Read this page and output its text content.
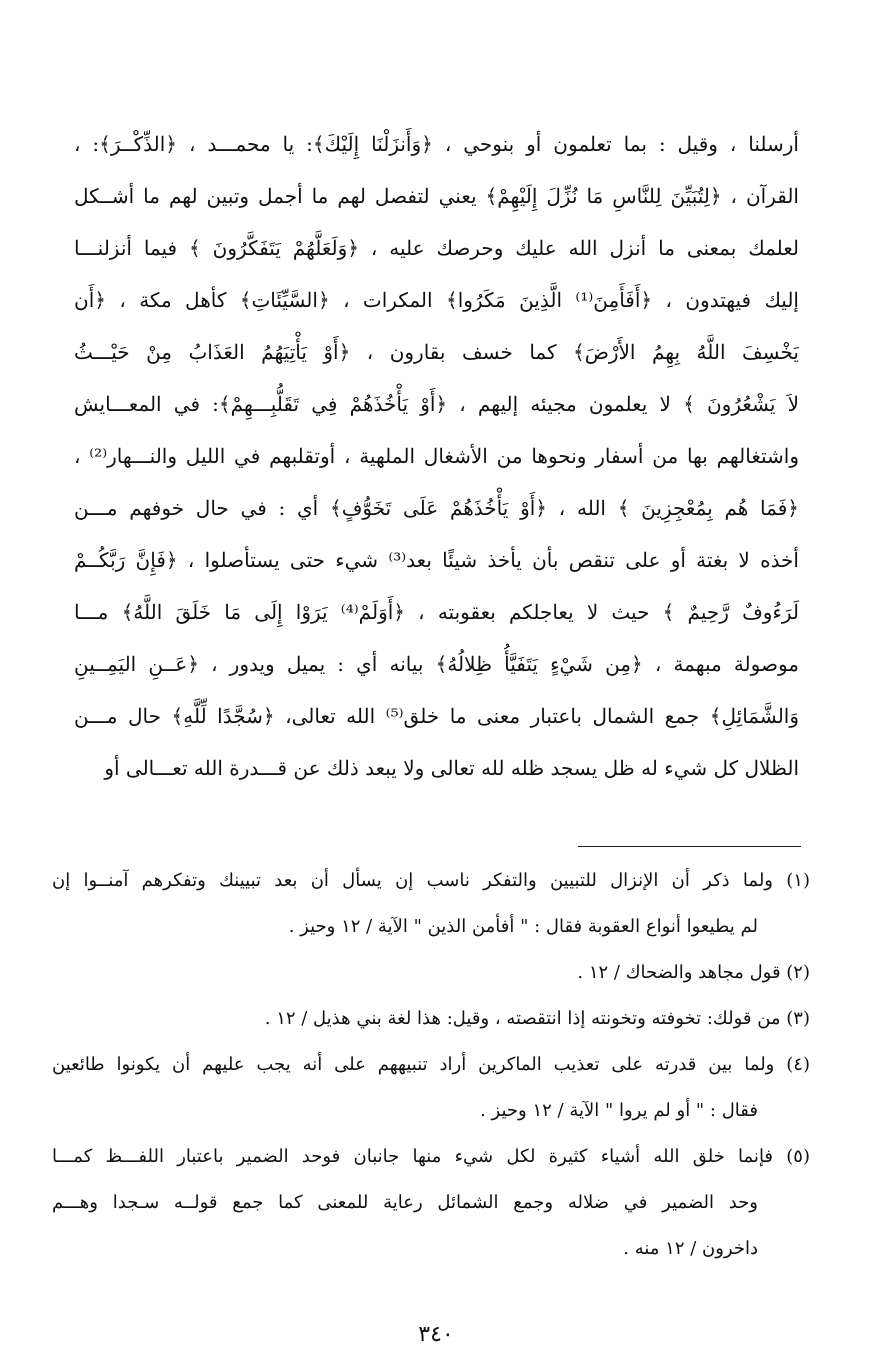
أرسلنا ، وقيل : بما تعلمون أو بنوحي ، ﴿وَأَنزَلْنَا إِلَيْكَ﴾: يا محمـــد ، ﴿الذِّكْــرَ﴾: ،
القرآن ، ﴿لِتُبَيِّنَ لِلنَّاسِ مَا نُزِّلَ إِلَيْهِمْ﴾ يعني لتفصل لهم ما أجمل وتبين لهم ما أشــكل
لعلمك بمعنى ما أنزل الله عليك وحرصك عليه ، ﴿وَلَعَلَّهُمْ يَتَفَكَّرُونَ ﴾ فيما أنزلنـــا
إليك فيهتدون ، ﴿أَفَأَمِنَ⁽¹⁾ الَّذِينَ مَكَرُوا﴾ المكرات ، ﴿السَّيِّئَاتِ﴾ كأهل مكة ، ﴿أَن
يَخْسِفَ اللَّهُ بِهِمُ الأَرْضَ﴾ كما خسف بقارون ، ﴿أَوْ يَأْتِيَهُمُ العَذَابُ مِنْ حَيْـــثُ
لاَ يَشْعُرُونَ ﴾ لا يعلمون مجيئه إليهم ، ﴿أَوْ يَأْخُذَهُمْ فِي تَقَلُّبِـــهِمْ﴾: في المعـــايش
واشتغالهم بها من أسفار ونحوها من الأشغال الملهية ، أوتقلبهم في الليل والنـــهار⁽²⁾ ،
﴿فَمَا هُم بِمُعْجِزِينَ ﴾ الله ، ﴿أَوْ يَأْخُذَهُمْ عَلَى تَخَوُّفٍ﴾ أي : في حال خوفهم مـــن
أخذه لا بغتة أو على تنقص بأن يأخذ شيئًا بعد⁽³⁾ شيء حتى يستأصلوا ، ﴿فَإِنَّ رَبَّكُــمْ
لَرَءُوفٌ رَّحِيمٌ ﴾ حيث لا يعاجلكم بعقوبته ، ﴿أَوَلَمْ⁽⁴⁾ يَرَوْا إِلَى مَا خَلَقَ اللَّهُ﴾ مـــا
موصولة مبهمة ، ﴿مِن شَيْءٍ يَتَفَيَّأُ ظِلالُهُ﴾ بيانه أي : يميل ويدور ، ﴿عَــنِ اليَمِــينِ
وَالشَّمَائِلِ﴾ جمع الشمال باعتبار معنى ما خلق⁽⁵⁾ الله تعالى، ﴿سُجَّدًا لِّلَّهِ﴾ حال مـــن
الظلال كل شيء له ظل يسجد ظله لله تعالى ولا يبعد ذلك عن قـــدرة الله تعـــالى أو
(١) ولما ذكر أن الإنزال للتبيين والتفكر ناسب إن يسأل أن بعد تبيينك وتفكرهم آمنــوا إن
لم يطيعوا أنواع العقوبة فقال : " أفأمن الذين " الآية / ١٢ وحيز .
(٢) قول مجاهد والضحاك / ١٢ .
(٣) من قولك: تخوفته وتخونته إذا انتقصته ، وقيل: هذا لغة بني هذيل / ١٢ .
(٤) ولما بين قدرته على تعذيب الماكرين أراد تنبيههم على أنه يجب عليهم أن يكونوا طائعين
فقال : " أو لم يروا " الآية / ١٢ وحيز .
(٥) فإنما خلق الله أشياء كثيرة لكل شيء منها جانبان فوحد الضمير باعتبار اللفـــظ كمـــا
وحد الضمير في ضلاله وجمع الشمائل رعاية للمعنى كما جمع قولــه سـجدا وهـــم
داخرون / ١٢ منه .
٣٤٠
